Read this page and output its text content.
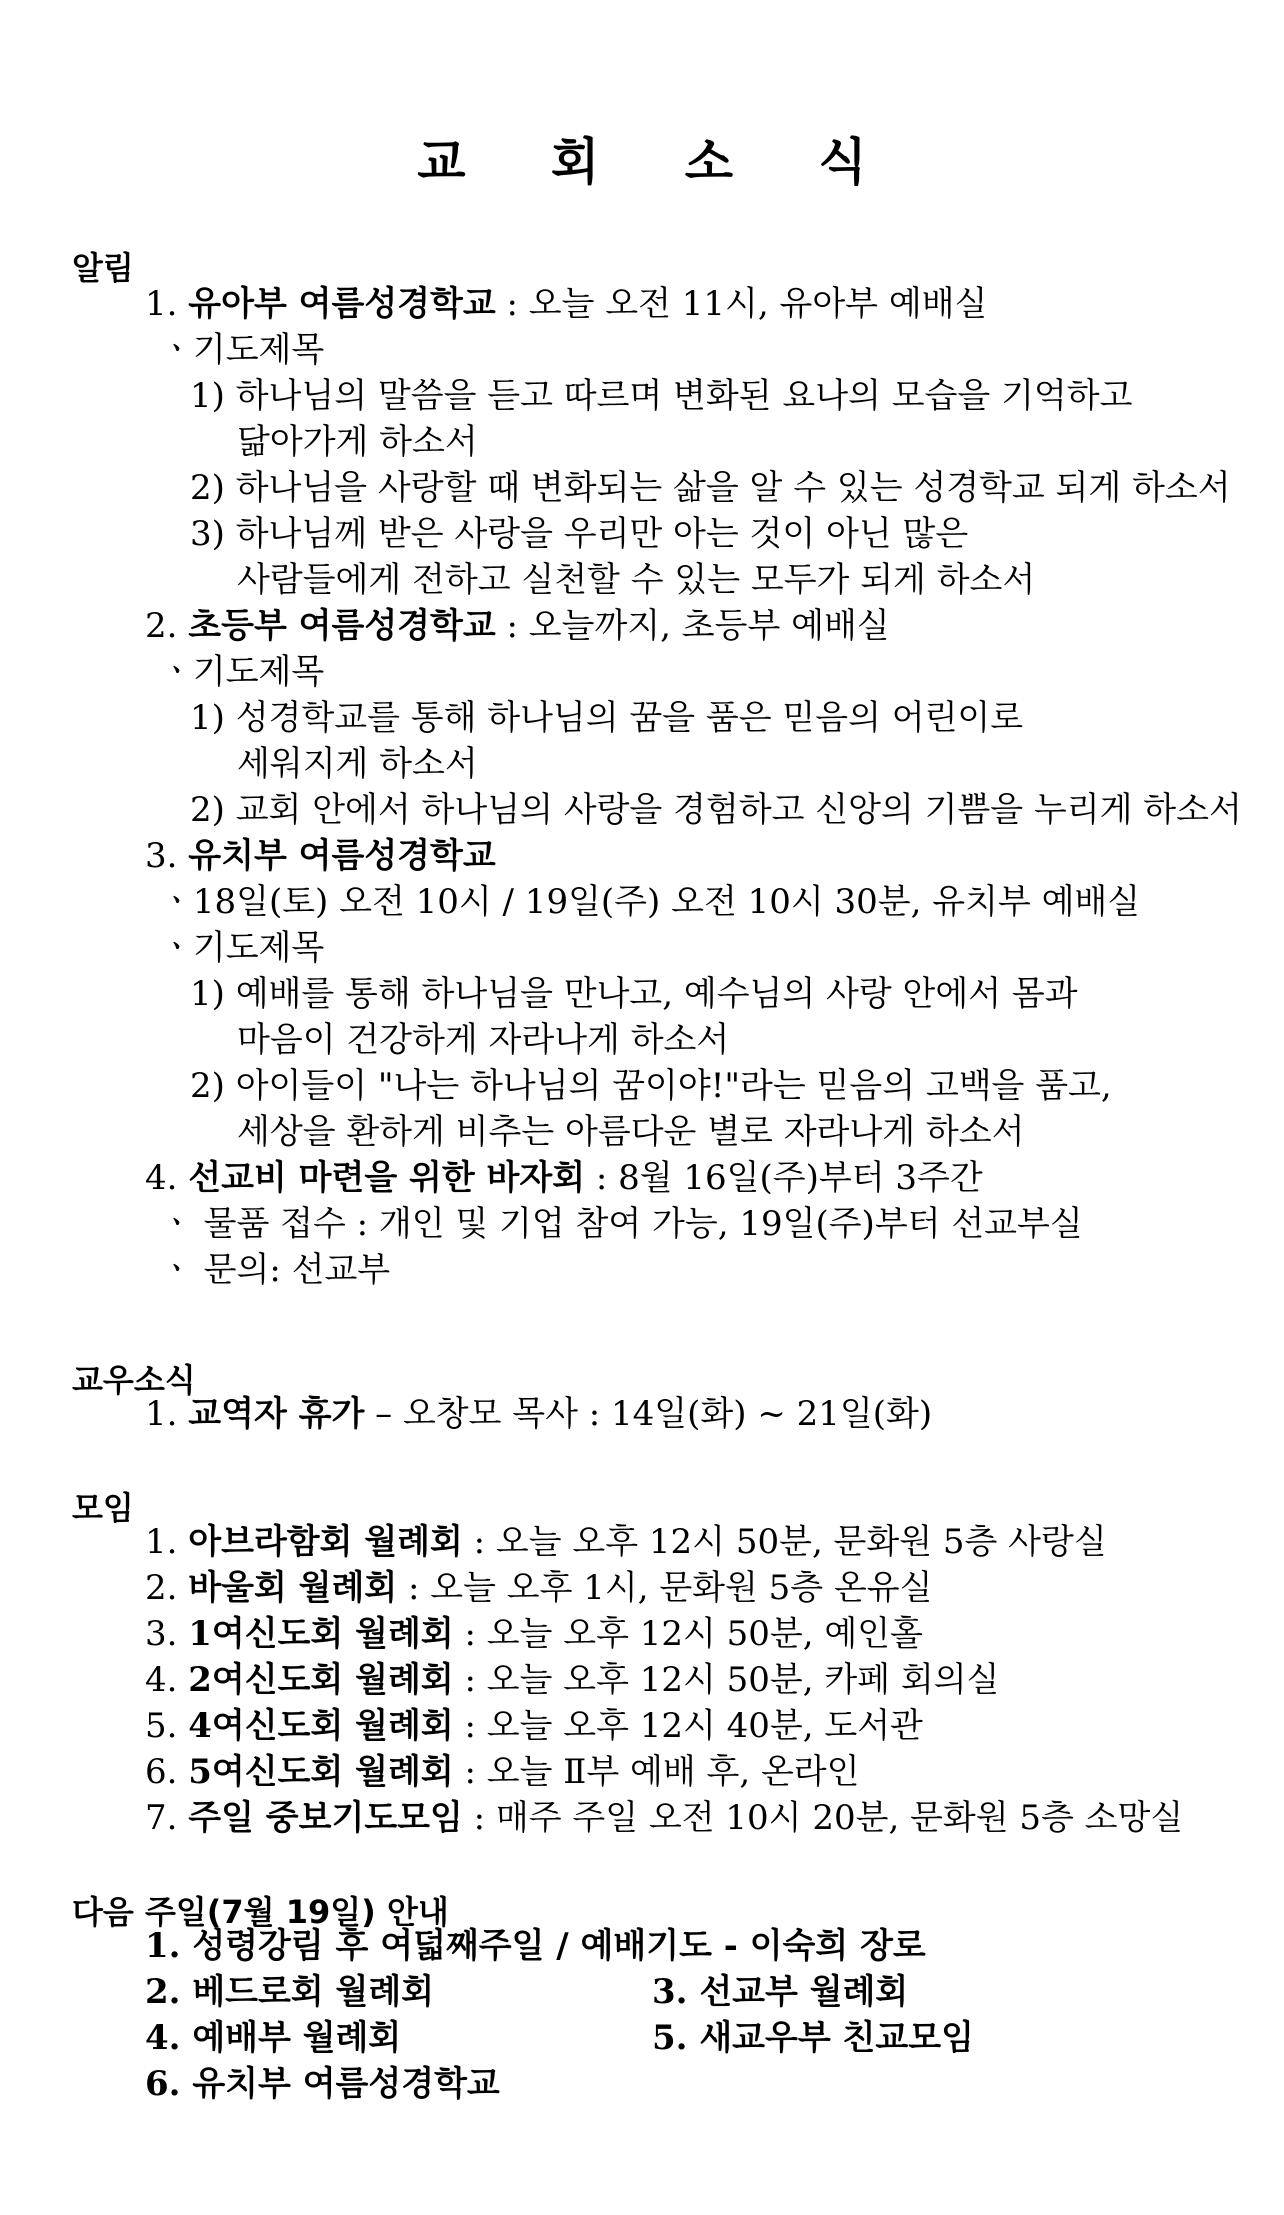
교 회 소 식
알림
1. 유아부 여름성경학교 : 오늘 오전 11시, 유아부 예배실
ㆍ기도제목
1) 하나님의 말씀을 듣고 따르며 변화된 요나의 모습을 기억하고
닮아가게 하소서
2) 하나님을 사랑할 때 변화되는 삶을 알 수 있는 성경학교 되게 하소서
3) 하나님께 받은 사랑을 우리만 아는 것이 아닌 많은
사람들에게 전하고 실천할 수 있는 모두가 되게 하소서
2. 초등부 여름성경학교 : 오늘까지, 초등부 예배실
ㆍ기도제목
1) 성경학교를 통해 하나님의 꿈을 품은 믿음의 어린이로
세워지게 하소서
2) 교회 안에서 하나님의 사랑을 경험하고 신앙의 기쁨을 누리게 하소서
3. 유치부 여름성경학교
ㆍ18일(토) 오전 10시 / 19일(주) 오전 10시 30분, 유치부 예배실
ㆍ기도제목
1) 예배를 통해 하나님을 만나고, 예수님의 사랑 안에서 몸과
마음이 건강하게 자라나게 하소서
2) 아이들이 "나는 하나님의 꿈이야!"라는 믿음의 고백을 품고,
세상을 환하게 비추는 아름다운 별로 자라나게 하소서
4. 선교비 마련을 위한 바자회 : 8월 16일(주)부터 3주간
ㆍ 물품 접수 : 개인 및 기업 참여 가능, 19일(주)부터 선교부실
ㆍ 문의: 선교부
교우소식
1. 교역자 휴가 – 오창모 목사 : 14일(화) ~ 21일(화)
모임
1. 아브라함회 월례회 : 오늘 오후 12시 50분, 문화원 5층 사랑실
2. 바울회 월례회 : 오늘 오후 1시, 문화원 5층 온유실
3. 1여신도회 월례회 : 오늘 오후 12시 50분, 예인홀
4. 2여신도회 월례회 : 오늘 오후 12시 50분, 카페 회의실
5. 4여신도회 월례회 : 오늘 오후 12시 40분, 도서관
6. 5여신도회 월례회 : 오늘 Ⅱ부 예배 후, 온라인
7. 주일 중보기도모임 : 매주 주일 오전 10시 20분, 문화원 5층 소망실
다음 주일(7월 19일) 안내
1. 성령강림 후 여덟째주일 / 예배기도 - 이숙희 장로
2. 베드로회 월례회	3. 선교부 월례회
4. 예배부 월례회	5. 새교우부 친교모임
6. 유치부 여름성경학교
